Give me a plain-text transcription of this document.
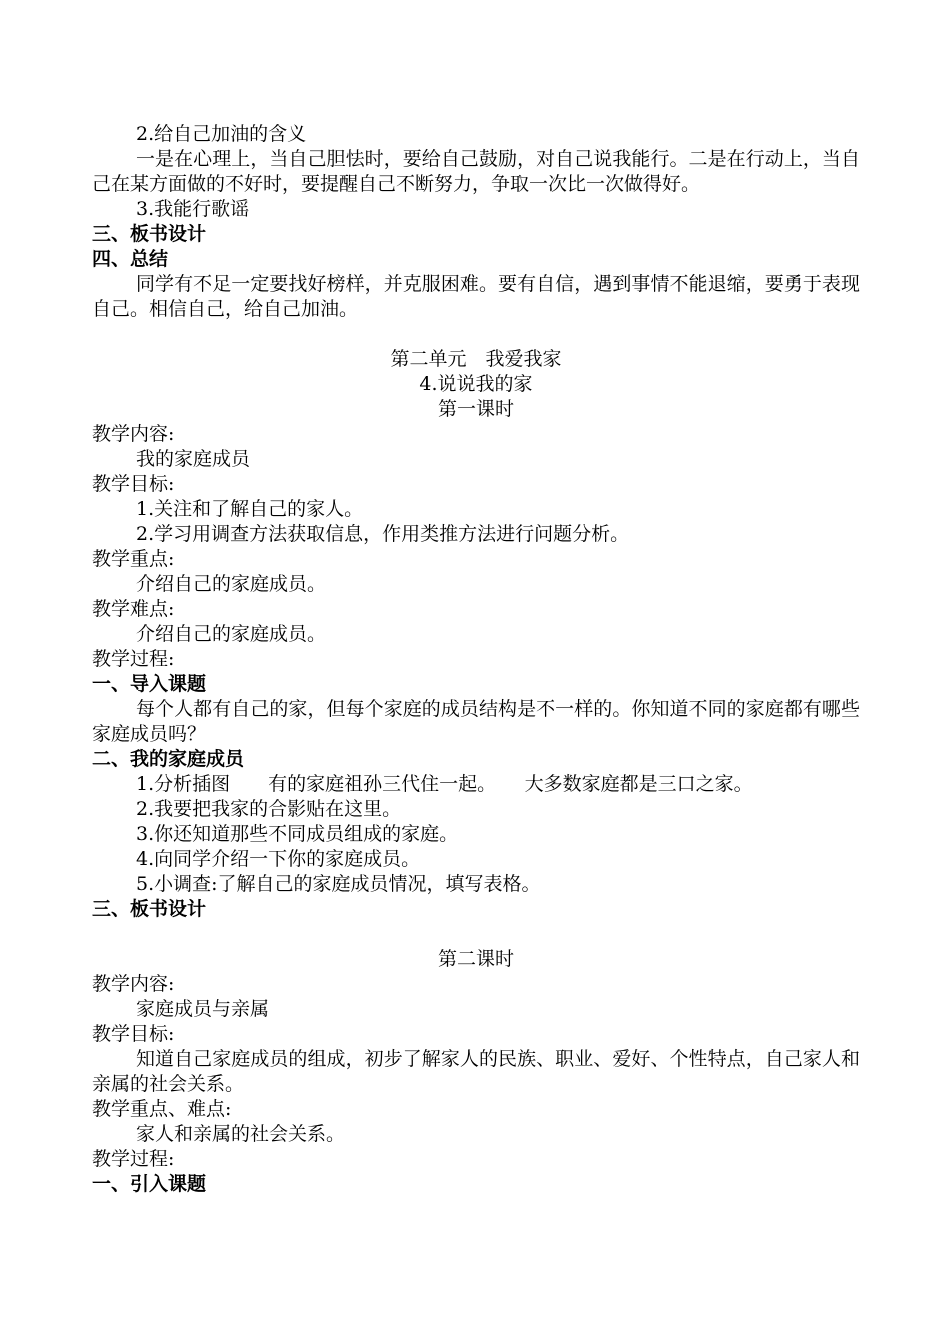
2.给自己加油的含义
一是在心理上，当自己胆怯时，要给自己鼓励，对自己说我能行。二是在行动上，当自己在某方面做的不好时，要提醒自己不断努力，争取一次比一次做得好。
3.我能行歌谣
三、板书设计
四、总结
同学有不足一定要找好榜样，并克服困难。要有自信，遇到事情不能退缩，要勇于表现自己。相信自己，给自己加油。
第二单元　我爱我家
4.说说我的家
第一课时
教学内容:
我的家庭成员
教学目标:
1.关注和了解自己的家人。
2.学习用调查方法获取信息，作用类推方法进行问题分析。
教学重点:
介绍自己的家庭成员。
教学难点:
介绍自己的家庭成员。
教学过程:
一、导入课题
每个人都有自己的家，但每个家庭的成员结构是不一样的。你知道不同的家庭都有哪些家庭成员吗？
二、我的家庭成员
1.分析插图　　有的家庭祖孙三代住一起。　　大多数家庭都是三口之家。
2.我要把我家的合影贴在这里。
3.你还知道那些不同成员组成的家庭。
4.向同学介绍一下你的家庭成员。
5.小调查:了解自己的家庭成员情况，填写表格。
三、板书设计
第二课时
教学内容:
家庭成员与亲属
教学目标:
知道自己家庭成员的组成，初步了解家人的民族、职业、爱好、个性特点，自己家人和亲属的社会关系。
教学重点、难点:
家人和亲属的社会关系。
教学过程:
一、引入课题
